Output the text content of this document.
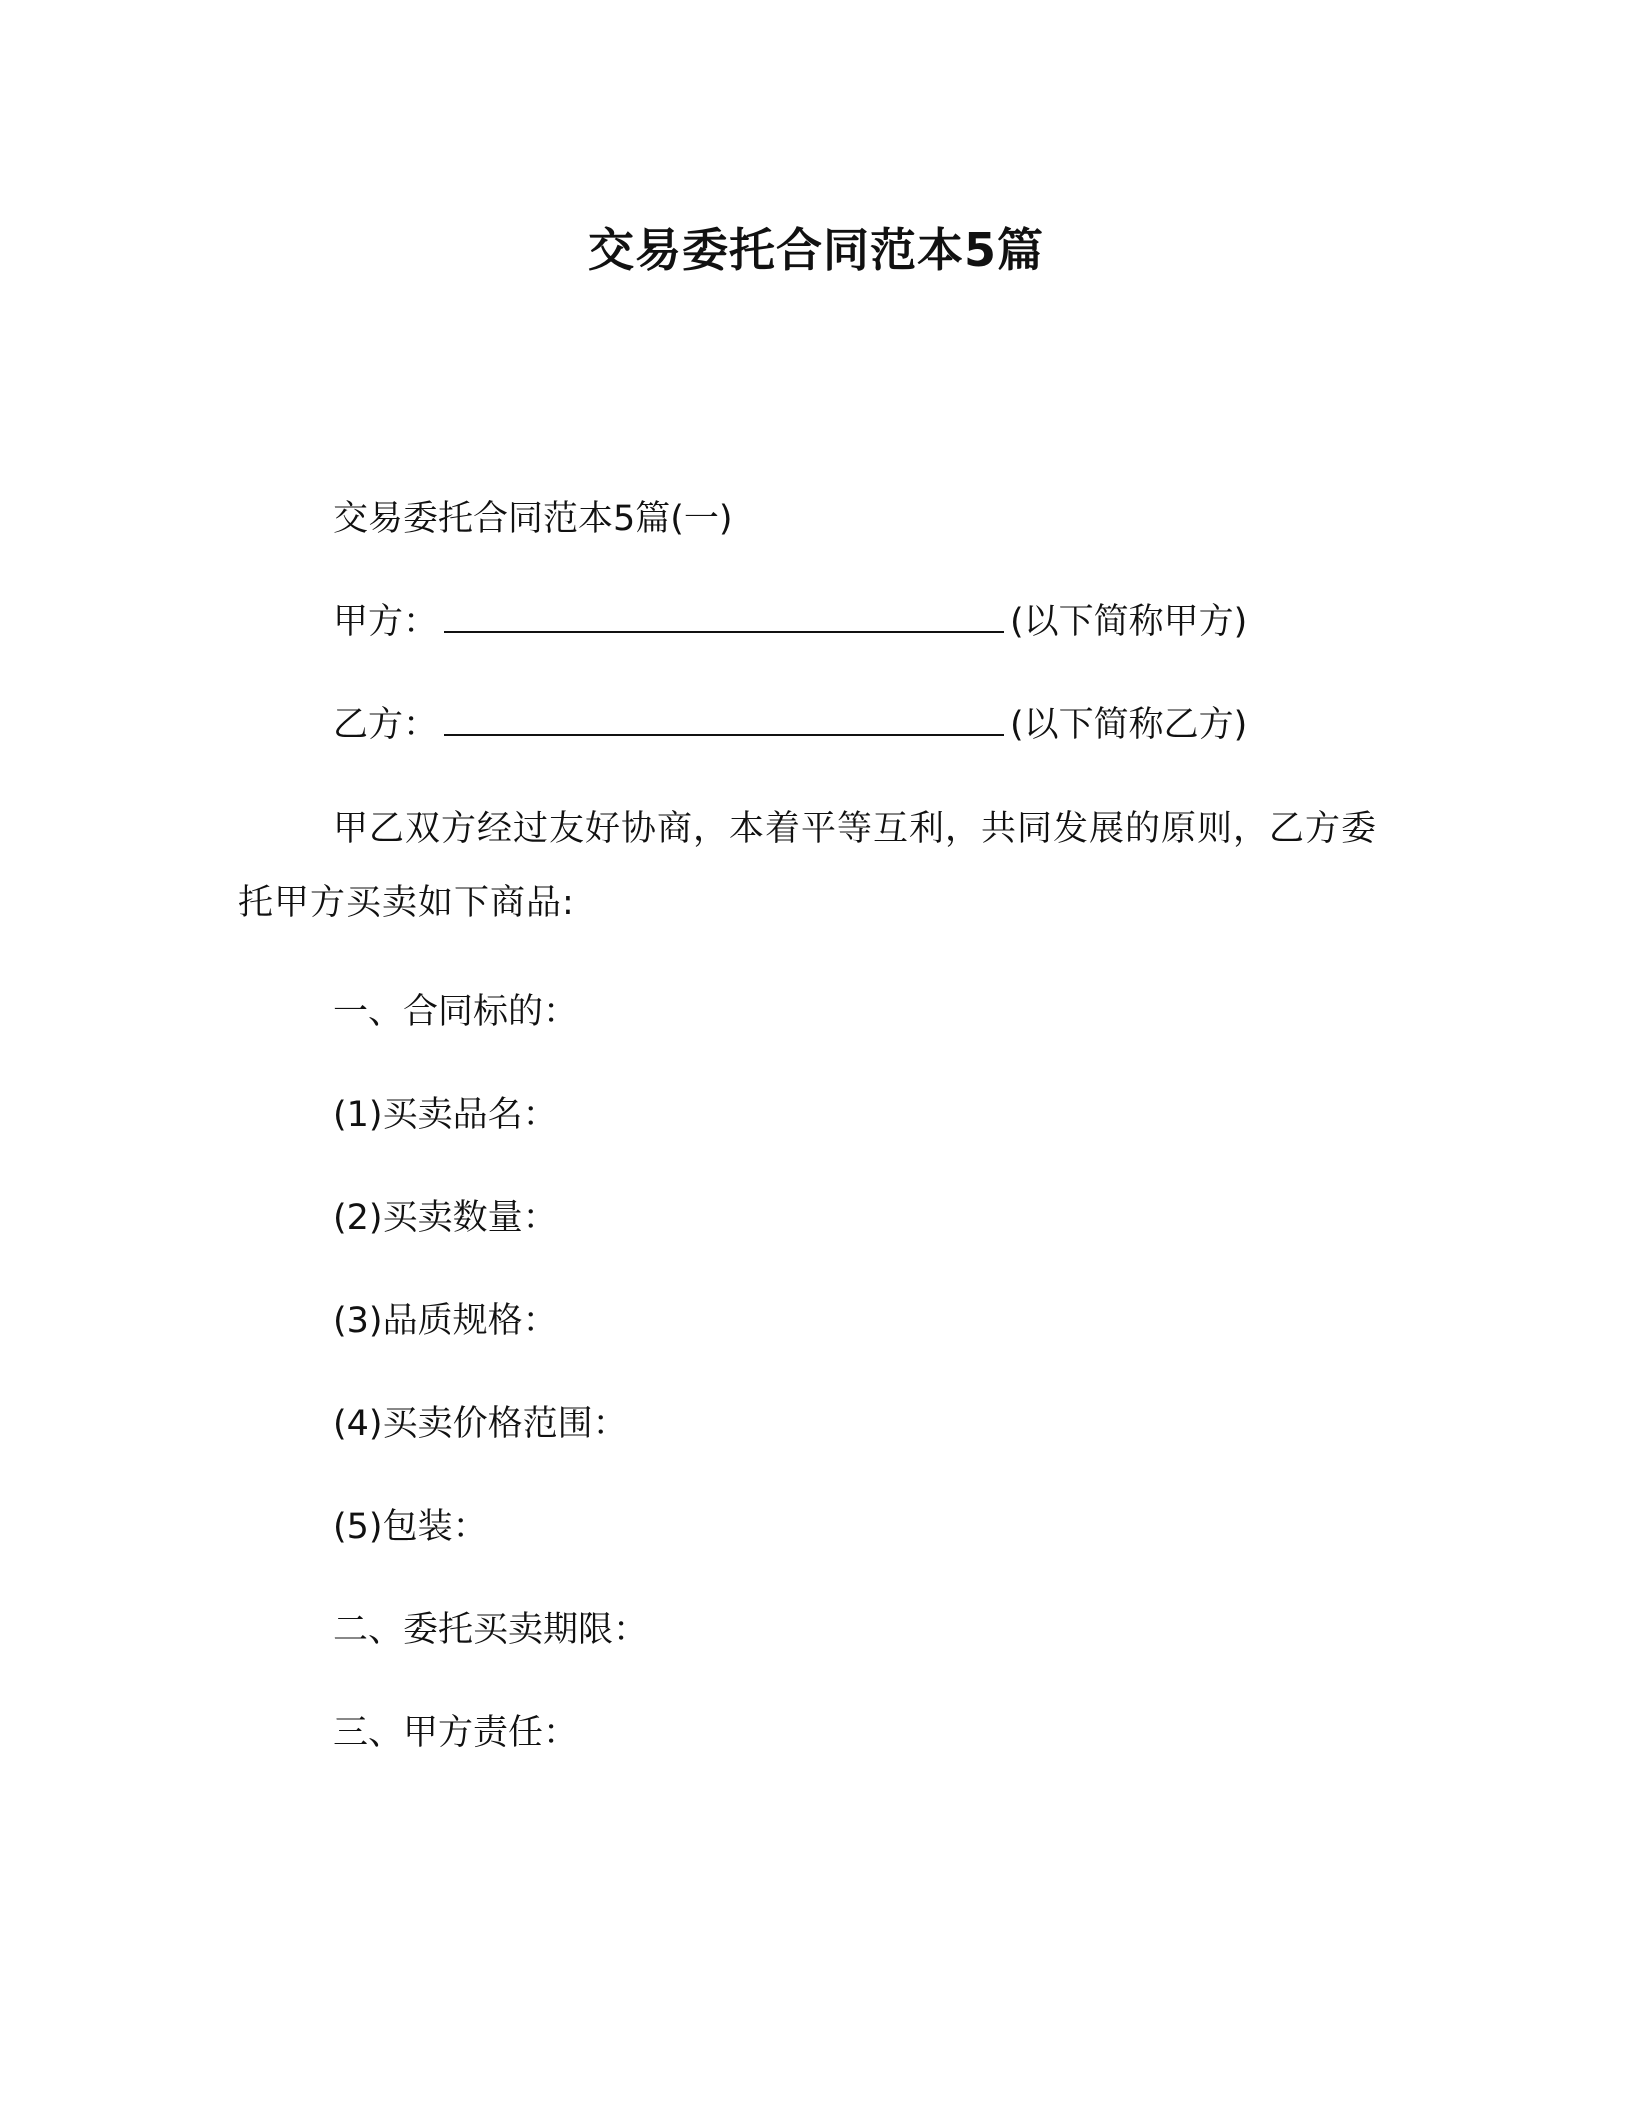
交易委托合同范本5篇
交易委托合同范本5篇(一)
甲方：	(以下简称甲方)
乙方：	(以下简称乙方)
甲乙双方经过友好协商，本着平等互利，共同发展的原则，乙方委托甲方买卖如下商品:
一、合同标的：
(1)买卖品名：
(2)买卖数量：
(3)品质规格：
(4)买卖价格范围：
(5)包装：
二、委托买卖期限：
三、甲方责任：
